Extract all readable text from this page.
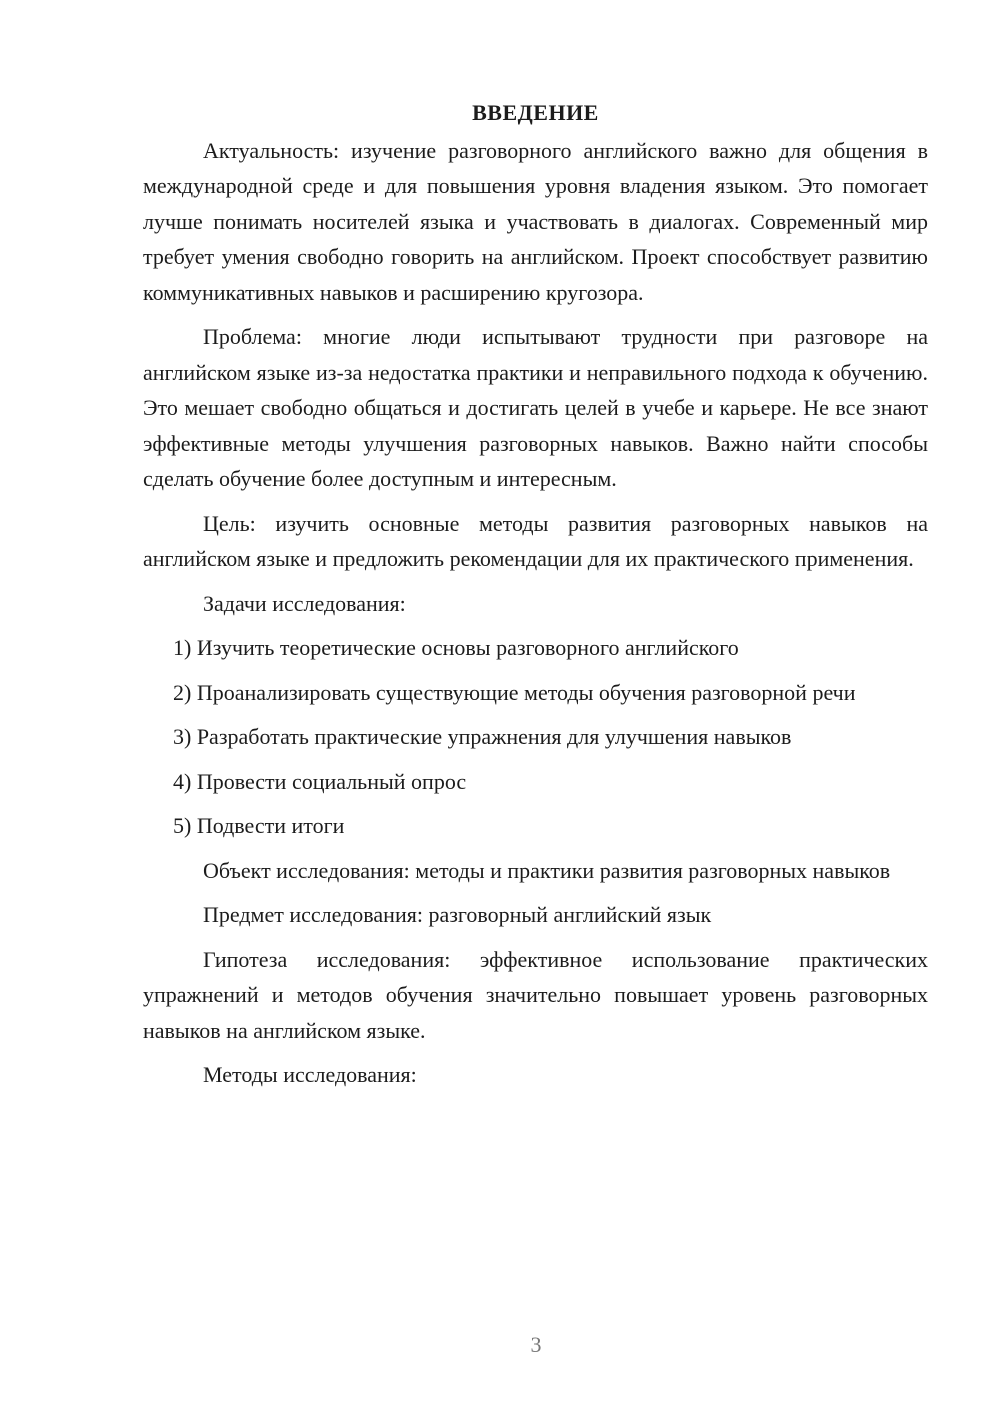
ВВЕДЕНИЕ

Актуальность: изучение разговорного английского важно для общения в международной среде и для повышения уровня владения языком. Это помогает лучше понимать носителей языка и участвовать в диалогах. Современный мир требует умения свободно говорить на английском. Проект способствует развитию коммуникативных навыков и расширению кругозора.

Проблема: многие люди испытывают трудности при разговоре на английском языке из-за недостатка практики и неправильного подхода к обучению. Это мешает свободно общаться и достигать целей в учебе и карьере. Не все знают эффективные методы улучшения разговорных навыков. Важно найти способы сделать обучение более доступным и интересным.

Цель: изучить основные методы развития разговорных навыков на английском языке и предложить рекомендации для их практического применения.

Задачи исследования:

1) Изучить теоретические основы разговорного английского

2) Проанализировать существующие методы обучения разговорной речи

3) Разработать практические упражнения для улучшения навыков

4) Провести социальный опрос

5) Подвести итоги

Объект исследования: методы и практики развития разговорных навыков

Предмет исследования: разговорный английский язык

Гипотеза исследования: эффективное использование практических упражнений и методов обучения значительно повышает уровень разговорных навыков на английском языке.

Методы исследования:

3
